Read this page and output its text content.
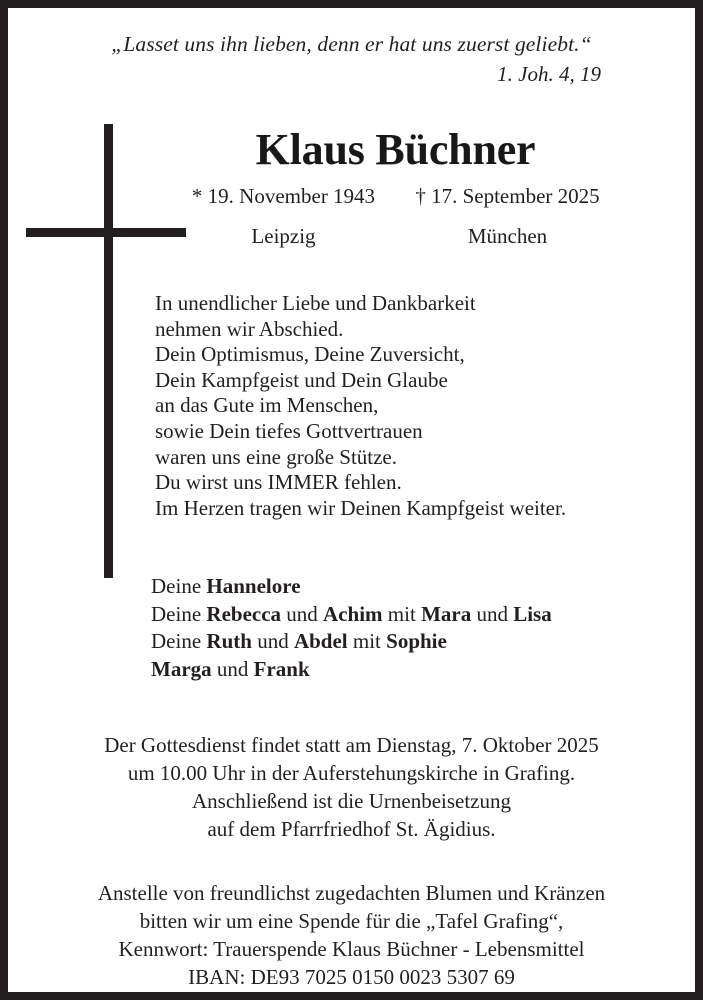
„Lasset uns ihn lieben, denn er hat uns zuerst geliebt.“
1. Joh. 4, 19
Klaus Büchner
* 19. November 1943	† 17. September 2025
Leipzig	München
In unendlicher Liebe und Dankbarkeit
nehmen wir Abschied.
Dein Optimismus, Deine Zuversicht,
Dein Kampfgeist und Dein Glaube
an das Gute im Menschen,
sowie Dein tiefes Gottvertrauen
waren uns eine große Stütze.
Du wirst uns IMMER fehlen.
Im Herzen tragen wir Deinen Kampfgeist weiter.
Deine Hannelore
Deine Rebecca und Achim mit Mara und Lisa
Deine Ruth und Abdel mit Sophie
Marga und Frank
Der Gottesdienst findet statt am Dienstag, 7. Oktober 2025
um 10.00 Uhr in der Auferstehungskirche in Grafing.
Anschließend ist die Urnenbeisetzung
auf dem Pfarrfriedhof St. Ägidius.
Anstelle von freundlichst zugedachten Blumen und Kränzen
bitten wir um eine Spende für die „Tafel Grafing“,
Kennwort: Trauerspende Klaus Büchner - Lebensmittel
IBAN: DE93 7025 0150 0023 5307 69
